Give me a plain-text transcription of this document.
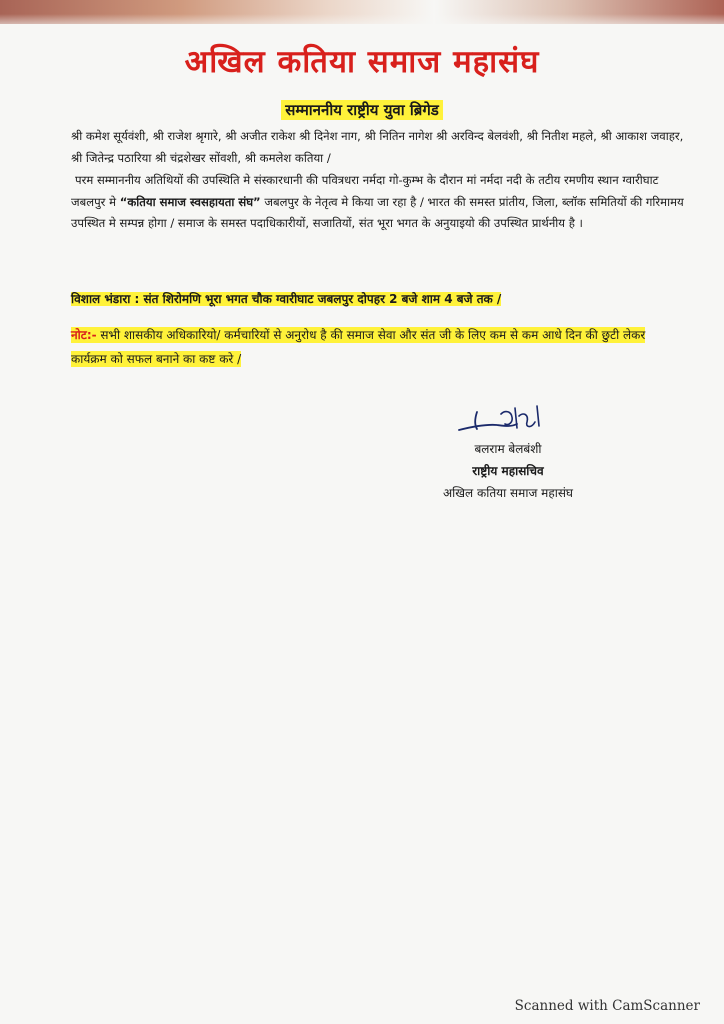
अखिल कतिया समाज महासंघ
सम्माननीय राष्ट्रीय युवा ब्रिगेड
श्री कमेश सूर्यवंशी, श्री राजेश श्रृगारे, श्री अजीत राकेश श्री दिनेश नाग, श्री नितिन नागेश श्री अरविन्द बेलवंशी, श्री नितीश महले, श्री आकाश जवाहर, श्री जितेन्द्र पठारिया श्री चंद्रशेखर सोंवशी, श्री कमलेश कतिया /
परम सम्माननीय अतिथियों की उपस्थिति मे संस्कारधानी की पवित्रधरा नर्मदा गो-कुम्भ के दौरान मां नर्मदा नदी के तटीय रमणीय स्थान ग्वारीघाट जबलपुर मे “कतिया समाज स्वसहायता संघ” जबलपुर के नेतृत्व मे किया जा रहा है / भारत की समस्त प्रांतीय, जिला, ब्लॉक समितियों की गरिमामय उपस्थित मे सम्पन्न होगा / समाज के समस्त पदाधिकारीयों, सजातियों, संत भूरा भगत के अनुयाइयो की उपस्थित प्रार्थनीय है ।
विशाल भंडारा : संत शिरोमणि भूरा भगत चौक ग्वारीघाट जबलपुर दोपहर 2 बजे शाम 4 बजे तक /
नोट:- सभी शासकीय अधिकारियो/ कर्मचारियों से अनुरोध है की समाज सेवा और संत जी के लिए कम से कम आधे दिन की छुटी लेकर कार्यक्रम को सफल बनाने का कष्ट करे /
बलराम बेलबंशी
राष्ट्रीय महासचिव
अखिल कतिया समाज महासंघ
Scanned with CamScanner
